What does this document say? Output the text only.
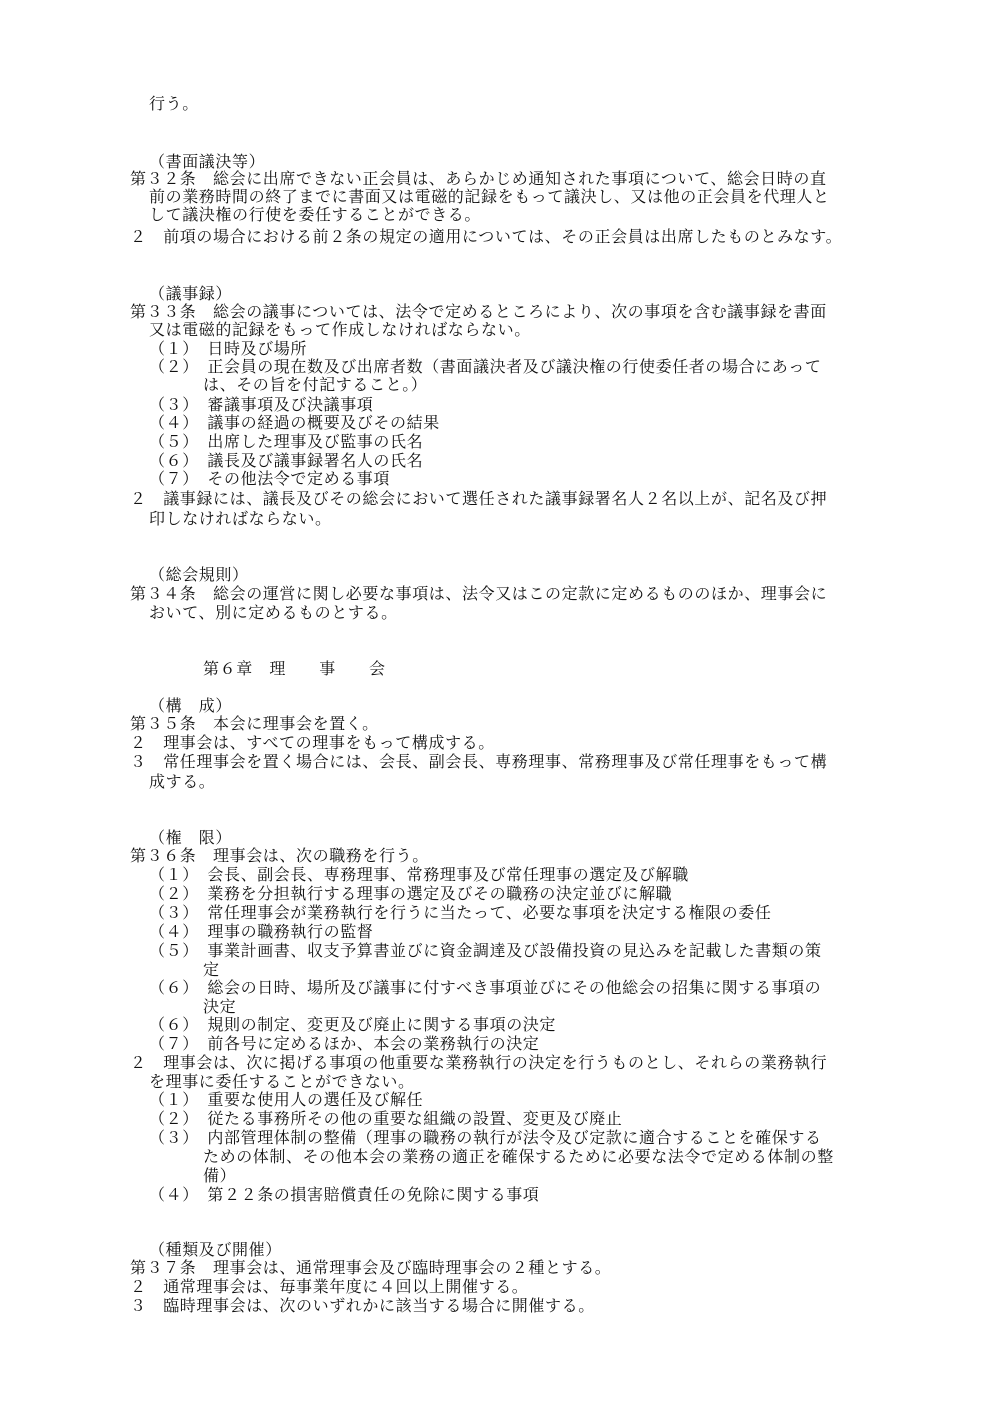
行う。
（書面議決等）
第３２条　総会に出席できない正会員は、あらかじめ通知された事項について、総会日時の直
前の業務時間の終了までに書面又は電磁的記録をもって議決し、又は他の正会員を代理人と
して議決権の行使を委任することができる。
２　前項の場合における前２条の規定の適用については、その正会員は出席したものとみなす。
（議事録）
第３３条　総会の議事については、法令で定めるところにより、次の事項を含む議事録を書面
又は電磁的記録をもって作成しなければならない。
（１）　日時及び場所
（２）　正会員の現在数及び出席者数（書面議決者及び議決権の行使委任者の場合にあって
は、その旨を付記すること。）
（３）　審議事項及び決議事項
（４）　議事の経過の概要及びその結果
（５）　出席した理事及び監事の氏名
（６）　議長及び議事録署名人の氏名
（７）　その他法令で定める事項
２　議事録には、議長及びその総会において選任された議事録署名人２名以上が、記名及び押
印しなければならない。
（総会規則）
第３４条　総会の運営に関し必要な事項は、法令又はこの定款に定めるもののほか、理事会に
おいて、別に定めるものとする。
第６章　理　　事　　会
（構　成）
第３５条　本会に理事会を置く。
２　理事会は、すべての理事をもって構成する。
３　常任理事会を置く場合には、会長、副会長、専務理事、常務理事及び常任理事をもって構
成する。
（権　限）
第３６条　理事会は、次の職務を行う。
（１）　会長、副会長、専務理事、常務理事及び常任理事の選定及び解職
（２）　業務を分担執行する理事の選定及びその職務の決定並びに解職
（３）　常任理事会が業務執行を行うに当たって、必要な事項を決定する権限の委任
（４）　理事の職務執行の監督
（５）　事業計画書、収支予算書並びに資金調達及び設備投資の見込みを記載した書類の策
定
（６）　総会の日時、場所及び議事に付すべき事項並びにその他総会の招集に関する事項の
決定
（６）　規則の制定、変更及び廃止に関する事項の決定
（７）　前各号に定めるほか、本会の業務執行の決定
２　理事会は、次に掲げる事項の他重要な業務執行の決定を行うものとし、それらの業務執行
を理事に委任することができない。
（１）　重要な使用人の選任及び解任
（２）　従たる事務所その他の重要な組織の設置、変更及び廃止
（３）　内部管理体制の整備（理事の職務の執行が法令及び定款に適合することを確保する
ための体制、その他本会の業務の適正を確保するために必要な法令で定める体制の整
備）
（４）　第２２条の損害賠償責任の免除に関する事項
（種類及び開催）
第３７条　理事会は、通常理事会及び臨時理事会の２種とする。
２　通常理事会は、毎事業年度に４回以上開催する。
３　臨時理事会は、次のいずれかに該当する場合に開催する。
